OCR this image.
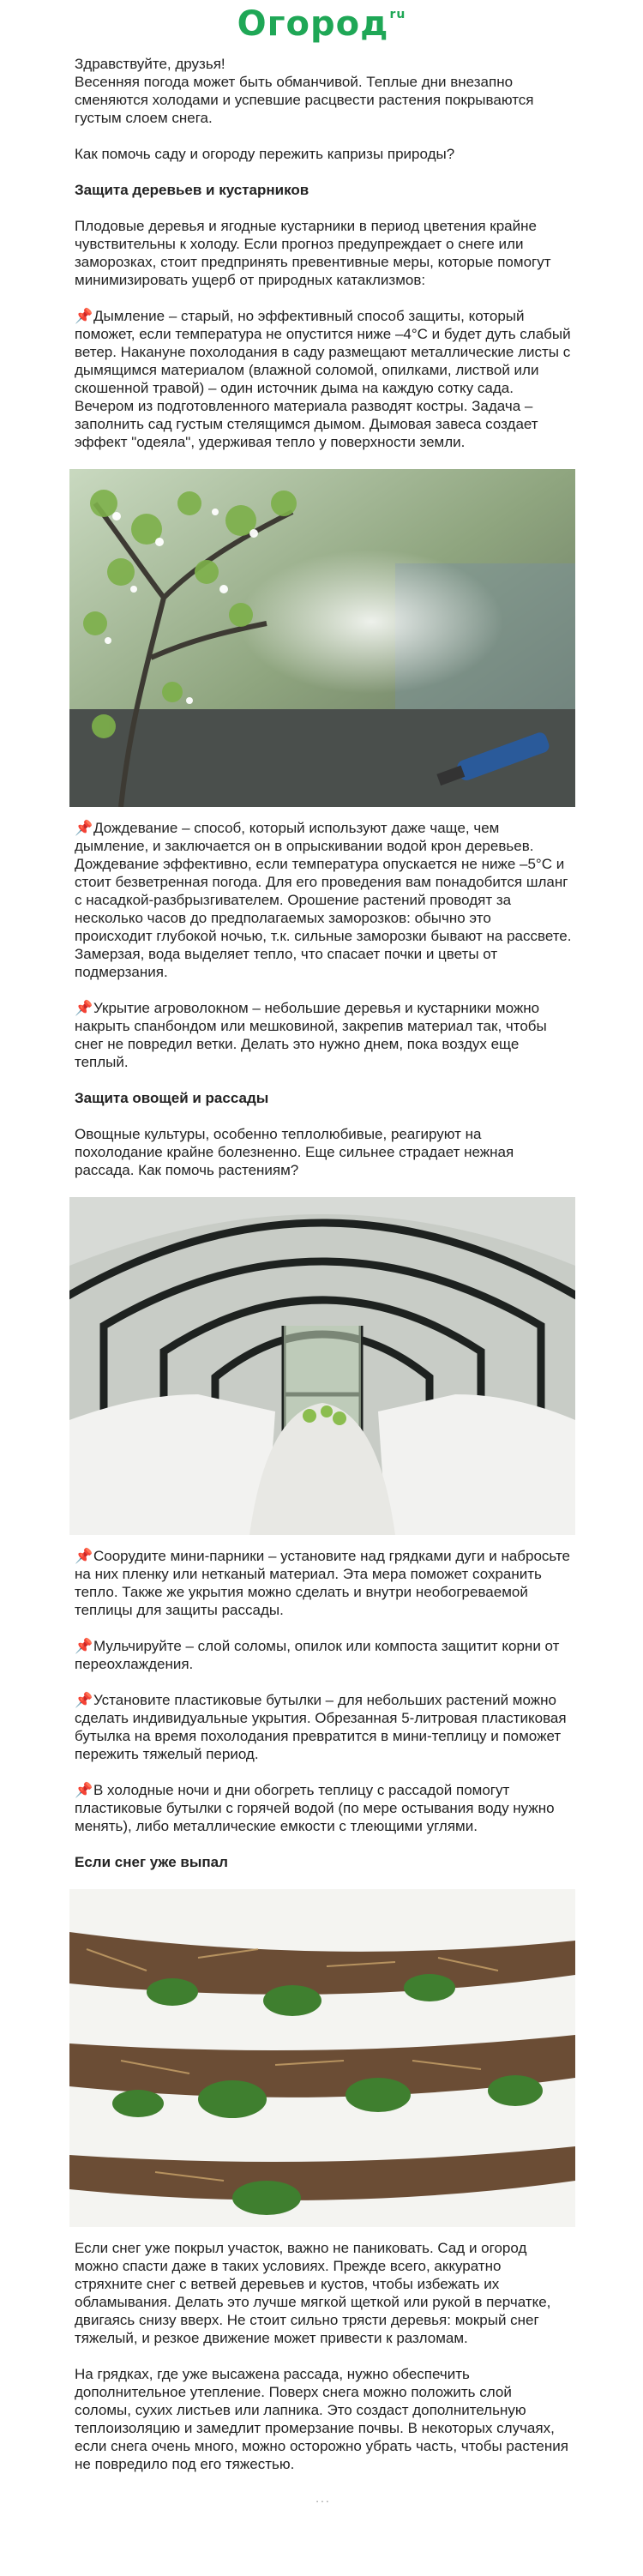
Огород ru

Здравствуйте, друзья!

Весенняя погода может быть обманчивой. Теплые дни внезапно сменяются холодами и успевшие расцвести растения покрываются густым слоем снега.

Как помочь саду и огороду пережить капризы природы?

Защита деревьев и кустарников

Плодовые деревья и ягодные кустарники в период цветения крайне чувствительны к холоду. Если прогноз предупреждает о снеге или заморозках, стоит предпринять превентивные меры, которые помогут минимизировать ущерб от природных катаклизмов:

📌Дымление – старый, но эффективный способ защиты, который поможет, если температура не опустится ниже –4°С и будет дуть слабый ветер. Накануне похолодания в саду размещают металлические листы с дымящимся материалом (влажной соломой, опилками, листвой или скошенной травой) – один источник дыма на каждую сотку сада. Вечером из подготовленного материала разводят костры. Задача – заполнить сад густым стелящимся дымом. Дымовая завеса создает эффект "одеяла", удерживая тепло у поверхности земли.

📌Дождевание – способ, который используют даже чаще, чем дымление, и заключается он в опрыскивании водой крон деревьев. Дождевание эффективно, если температура опускается не ниже –5°С и стоит безветренная погода. Для его проведения вам понадобится шланг с насадкой-разбрызгивателем. Орошение растений проводят за несколько часов до предполагаемых заморозков: обычно это происходит глубокой ночью, т.к. сильные заморозки бывают на рассвете. Замерзая, вода выделяет тепло, что спасает почки и цветы от подмерзания.

📌Укрытие агроволокном – небольшие деревья и кустарники можно накрыть спанбондом или мешковиной, закрепив материал так, чтобы снег не повредил ветки. Делать это нужно днем, пока воздух еще теплый.

Защита овощей и рассады

Овощные культуры, особенно теплолюбивые, реагируют на похолодание крайне болезненно. Еще сильнее страдает нежная рассада. Как помочь растениям?

📌Соорудите мини-парники – установите над грядками дуги и набросьте на них пленку или нетканый материал. Эта мера поможет сохранить тепло. Также же укрытия можно сделать и внутри необогреваемой теплицы для защиты рассады.

📌Мульчируйте – слой соломы, опилок или компоста защитит корни от переохлаждения.

📌Установите пластиковые бутылки – для небольших растений можно сделать индивидуальные укрытия. Обрезанная 5-литровая пластиковая бутылка на время похолодания превратится в мини-теплицу и поможет пережить тяжелый период.

📌В холодные ночи и дни обогреть теплицу с рассадой помогут пластиковые бутылки с горячей водой (по мере остывания воду нужно менять), либо металлические емкости с тлеющими углями.

Если снег уже выпал

Если снег уже покрыл участок, важно не паниковать. Сад и огород можно спасти даже в таких условиях. Прежде всего, аккуратно стряхните снег с ветвей деревьев и кустов, чтобы избежать их обламывания. Делать это лучше мягкой щеткой или рукой в перчатке, двигаясь снизу вверх. Не стоит сильно трясти деревья: мокрый снег тяжелый, и резкое движение может привести к разломам.

На грядках, где уже высажена рассада, нужно обеспечить дополнительное утепление. Поверх снега можно положить слой соломы, сухих листьев или лапника. Это создаст дополнительную теплоизоляцию и замедлит промерзание почвы. В некоторых случаях, если снега очень много, можно осторожно убрать часть, чтобы растения не повредило под его тяжестью.

...
